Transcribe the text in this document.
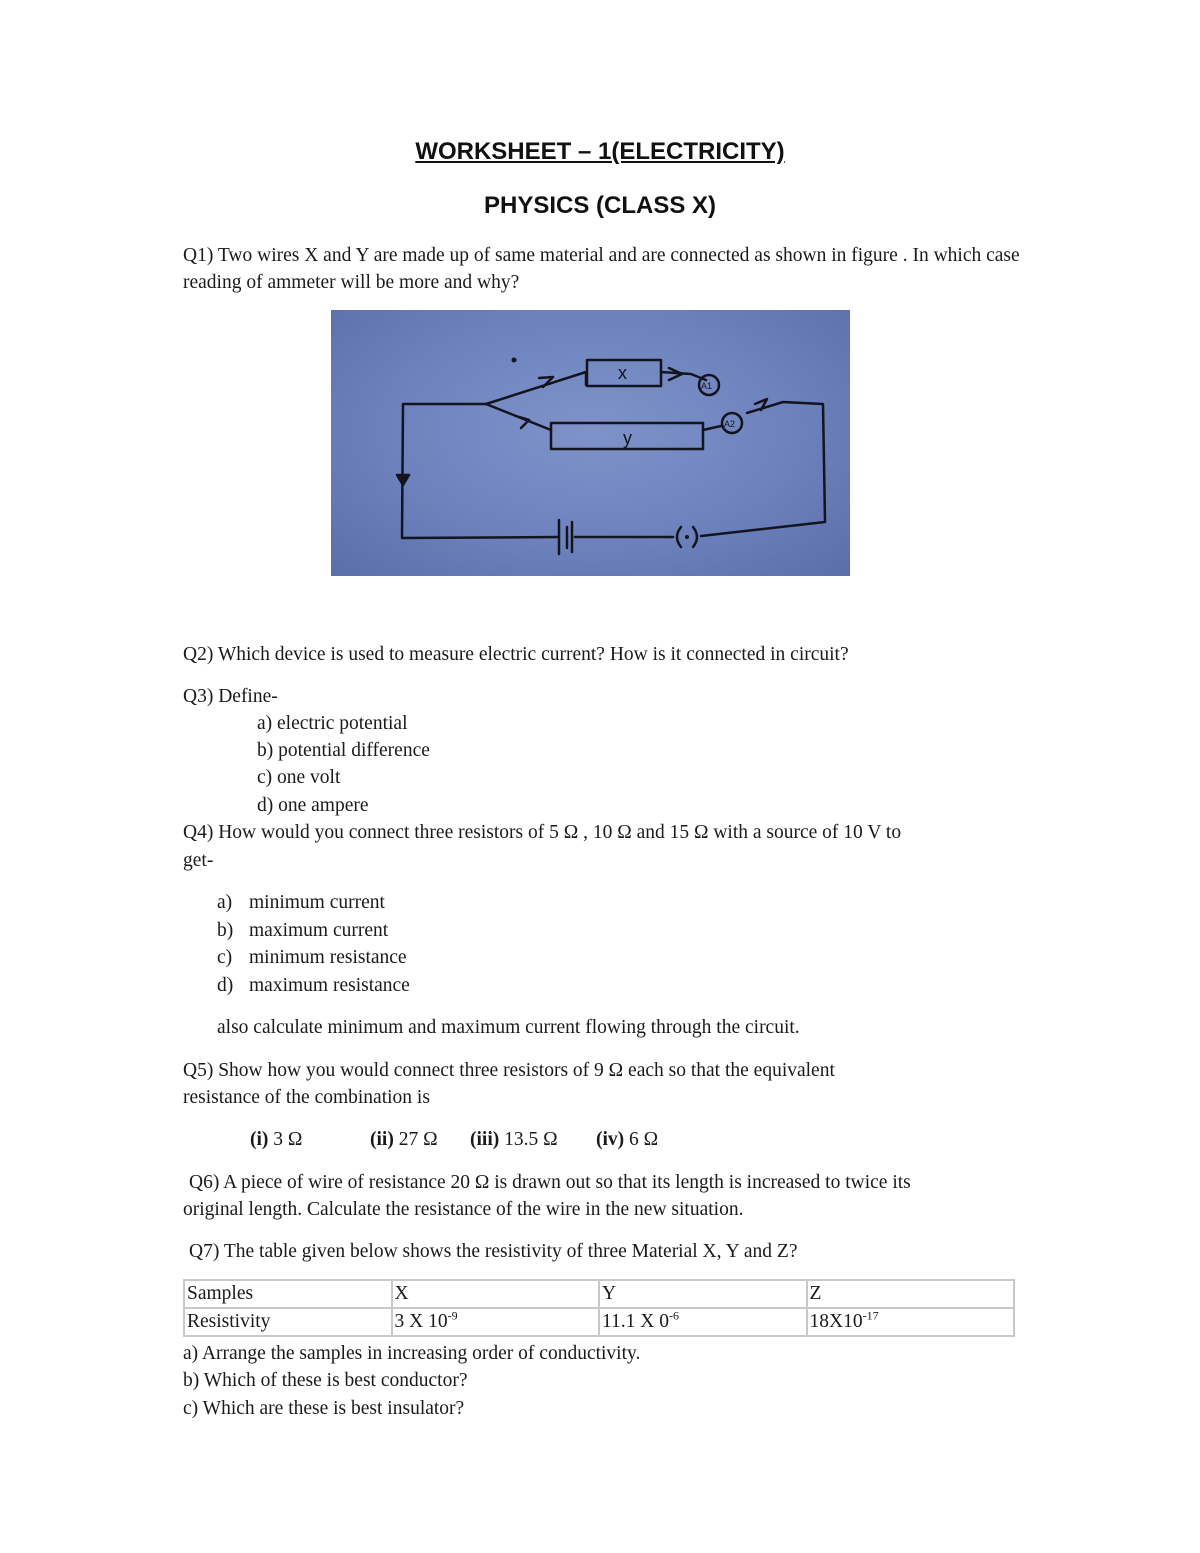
WORKSHEET – 1(ELECTRICITY)
PHYSICS (CLASS X)
Q1) Two wires X and Y are made up of same material and are connected as shown in figure . In which case reading of ammeter will be more and why?
x
y
A1
A2
Q2) Which device is used to measure electric current? How is it connected in circuit?
Q3) Define-
a) electric potential
b) potential difference
c) one volt
d) one ampere
Q4) How would you connect three resistors of 5 Ω , 10 Ω and 15 Ω with a source of 10 V to
get-
a) minimum current
b) maximum current
c) minimum resistance
d) maximum resistance
also calculate minimum and maximum current flowing through the circuit.
Q5) Show how you would connect three resistors of 9 Ω each so that the equivalent
resistance of the combination is
(i) 3 Ω	(ii) 27 Ω (iii) 13.5 Ω (iv) 6 Ω
Q6) A piece of wire of resistance 20 Ω is drawn out so that its length is increased to twice its
original length. Calculate the resistance of the wire in the new situation.
Q7) The table given below shows the resistivity of three Material X, Y and Z?
Samples	X	Y	Z
Resistivity	3 X $10^{-9}$	11.1 X $0^{-6}$	$18X10^{-17}$
a) Arrange the samples in increasing order of conductivity.
b) Which of these is best conductor?
c) Which are these is best insulator?
